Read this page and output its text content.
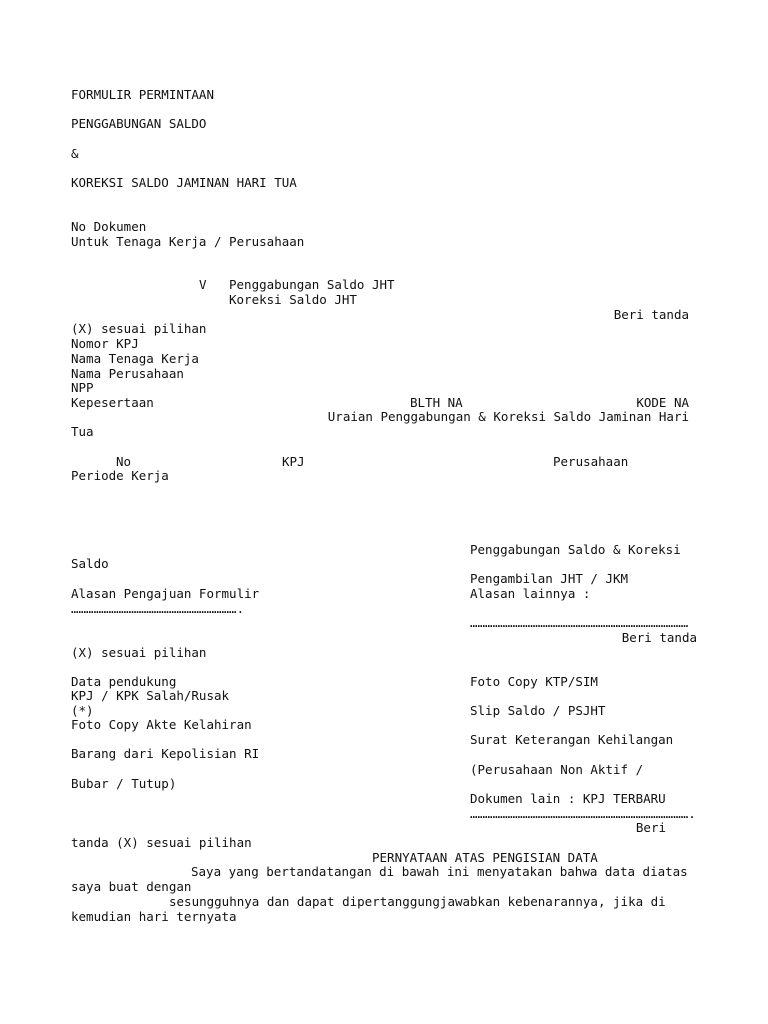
FORMULIR PERMINTAAN
PENGGABUNGAN SALDO
&
KOREKSI SALDO JAMINAN HARI TUA
No Dokumen
Untuk Tenaga Kerja / Perusahaan
V Penggabungan Saldo JHT
Koreksi Saldo JHT
Beri tanda
(X) sesuai pilihan
Nomor KPJ
Nama Tenaga Kerja
Nama Perusahaan
NPP
Kepesertaan	BLTH NA	KODE NA
Uraian Penggabungan & Koreksi Saldo Jaminan Hari
Tua
No	KPJ	Perusahaan
Periode Kerja
Penggabungan Saldo & Koreksi
Saldo
Pengambilan JHT / JKM
Alasan Pengajuan Formulir	Alasan lainnya :
………………………………………………………….
……………………………………………………………………………
Beri tanda
(X) sesuai pilihan
Data pendukung	Foto Copy KTP/SIM
KPJ / KPK Salah/Rusak
(*)	Slip Saldo / PSJHT
Foto Copy Akte Kelahiran
Surat Keterangan Kehilangan
Barang dari Kepolisian RI
(Perusahaan Non Aktif /
Bubar / Tutup)
Dokumen lain : KPJ TERBARU
…………………………………………………………………………….
Beri
tanda (X) sesuai pilihan
PERNYATAAN ATAS PENGISIAN DATA
Saya yang bertandatangan di bawah ini menyatakan bahwa data diatas
saya buat dengan
sesungguhnya dan dapat dipertanggungjawabkan kebenarannya, jika di
kemudian hari ternyata
